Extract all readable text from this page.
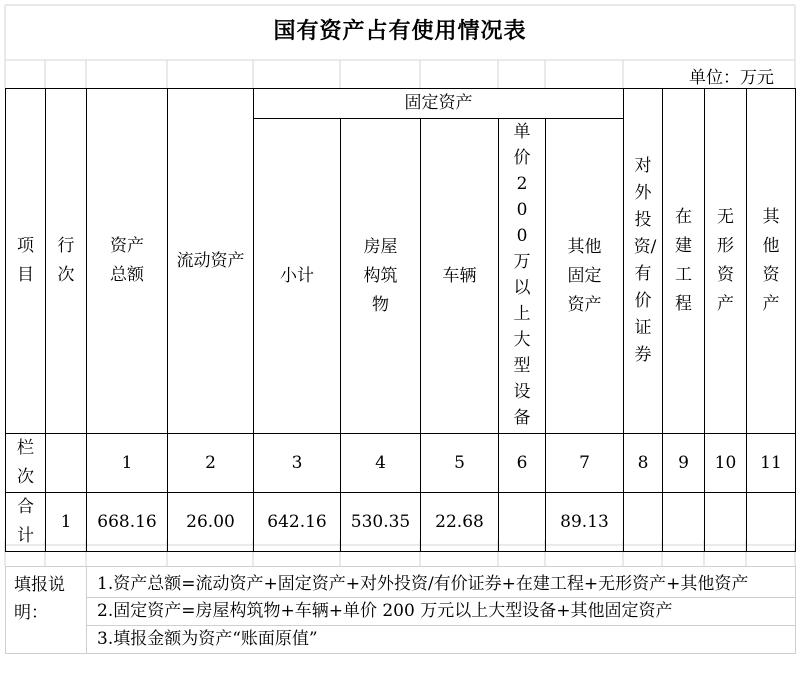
国有资产占有使用情况表
单位：万元
项目	行次	资产总额	流动资产	固定资产					对外投资/有价证券	在建工程	无形资产	其他资产
				小计	房屋构筑物	车辆	单价200万以上大型设备	其他固定资产				
栏次		1	2	3	4	5	6	7	8	9	10	11
合计	1	668.16	26.00	642.16	530.35	22.68		89.13				
填报说明：	1.资产总额=流动资产+固定资产+对外投资/有价证券+在建工程+无形资产+其他资产
2.固定资产=房屋构筑物+车辆+单价 200 万元以上大型设备+其他固定资产
3.填报金额为资产“账面原值”
